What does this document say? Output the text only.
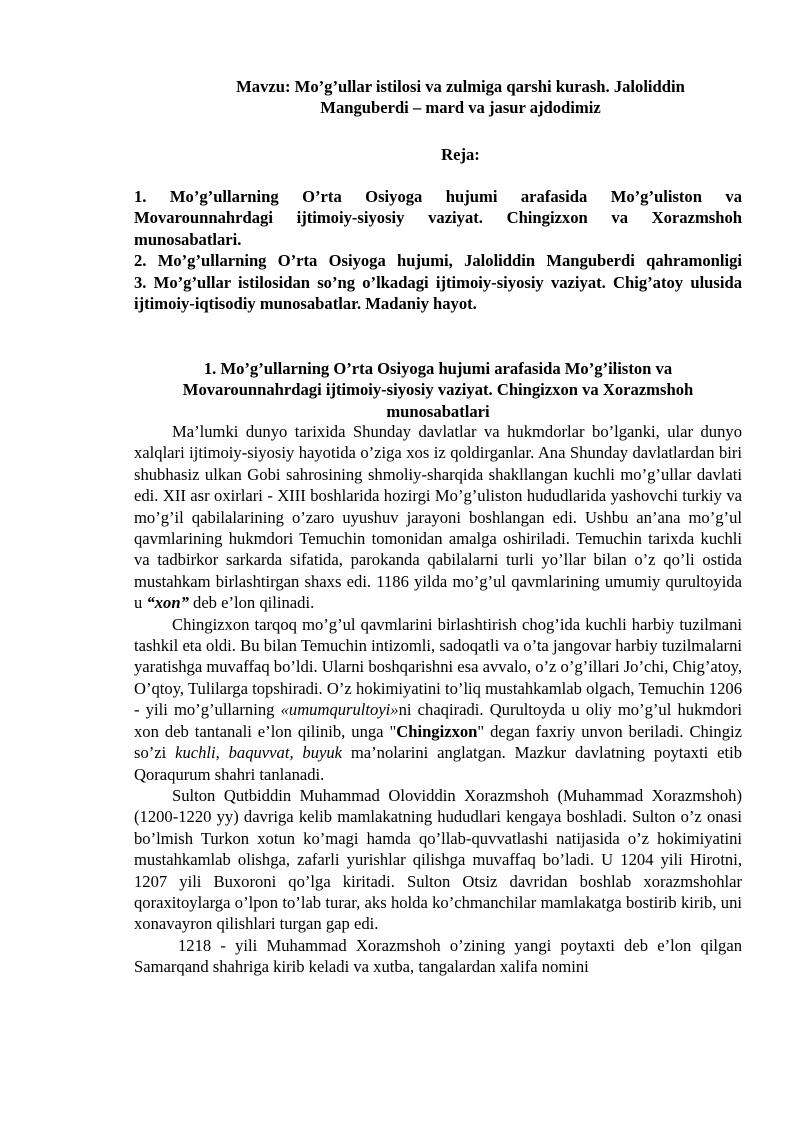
Mavzu: Mo’g’ullar istilosi va zulmiga qarshi kurash. Jaloliddin
Manguberdi – mard va jasur ajdodimiz
Reja:
1. Mo’g’ullarning O’rta Osiyoga hujumi arafasida Mo’g’uliston va Movarounnahrdagi ijtimoiy-siyosiy vaziyat. Chingizxon va Xorazmshoh munosabatlari.
2. Mo’g’ullarning O’rta Osiyoga hujumi, Jaloliddin Manguberdi qahramonligi
3. Mo’g’ullar istilosidan so’ng o’lkadagi ijtimoiy-siyosiy vaziyat. Chig’atoy ulusida ijtimoiy-iqtisodiy munosabatlar. Madaniy hayot.
1. Mo’g’ullarning O’rta Osiyoga hujumi arafasida Mo’g’iliston va Movarounnahrdagi ijtimoiy-siyosiy vaziyat. Chingizxon va Xorazmshoh munosabatlari

Ma’lumki dunyo tarixida Shunday davlatlar va hukmdorlar bo’lganki, ular dunyo xalqlari ijtimoiy-siyosiy hayotida o’ziga xos iz qoldirganlar. Ana Shunday davlatlardan biri shubhasiz ulkan Gobi sahrosining shmoliy-sharqida shakllangan kuchli mo’g’ullar davlati edi. XII asr oxirlari - XIII boshlarida hozirgi Mo’g’uliston hududlarida yashovchi turkiy va mo’g’il qabilalarining o’zaro uyushuv jarayoni boshlangan edi. Ushbu an’ana mo’g’ul qavmlarining hukmdori Temuchin tomonidan amalga oshiriladi. Temuchin tarixda kuchli va tadbirkor sarkarda sifatida, parokanda qabilalarni turli yo’llar bilan o’z qo’li ostida mustahkam birlashtirgan shaxs edi. 1186 yilda mo’g’ul qavmlarining umumiy qurultoyida u “xon” deb e’lon qilinadi.

Chingizxon tarqoq mo’g’ul qavmlarini birlashtirish chog’ida kuchli harbiy tuzilmani tashkil eta oldi. Bu bilan Temuchin intizomli, sadoqatli va o’ta jangovar harbiy tuzilmalarni yaratishga muvaffaq bo’ldi. Ularni boshqarishni esa avvalo, o’z o’g’illari Jo’chi, Chig’atoy, O’qtoy, Tulilarga topshiradi. O’z hokimiyatini to’liq mustahkamlab olgach, Temuchin 1206 - yili mo’g’ullarning «umumqurultoyi»ni chaqiradi. Qurultoyda u oliy mo’g’ul hukmdori xon deb tantanali e’lon qilinib, unga "Chingizxon" degan faxriy unvon beriladi. Chingiz so’zi kuchli, baquvvat, buyuk ma’nolarini anglatgan. Mazkur davlatning poytaxti etib Qoraqurum shahri tanlanadi.

Sulton Qutbiddin Muhammad Oloviddin Xorazmshoh (Muhammad Xorazmshoh) (1200-1220 yy) davriga kelib mamlakatning hududlari kengaya boshladi. Sulton o’z onasi bo’lmish Turkon xotun ko’magi hamda qo’llab-quvvatlashi natijasida o’z hokimiyatini mustahkamlab olishga, zafarli yurishlar qilishga muvaffaq bo’ladi. U 1204 yili Hirotni, 1207 yili Buxoroni qo’lga kiritadi. Sulton Otsiz davridan boshlab xorazmshohlar qoraxitoylarga o’lpon to’lab turar, aks holda ko’chmanchilar mamlakatga bostirib kirib, uni xonavayron qilishlari turgan gap edi.

1218 - yili Muhammad Xorazmshoh o’zining yangi poytaxti deb e’lon qilgan Samarqand shahriga kirib keladi va xutba, tangalardan xalifa nomini
